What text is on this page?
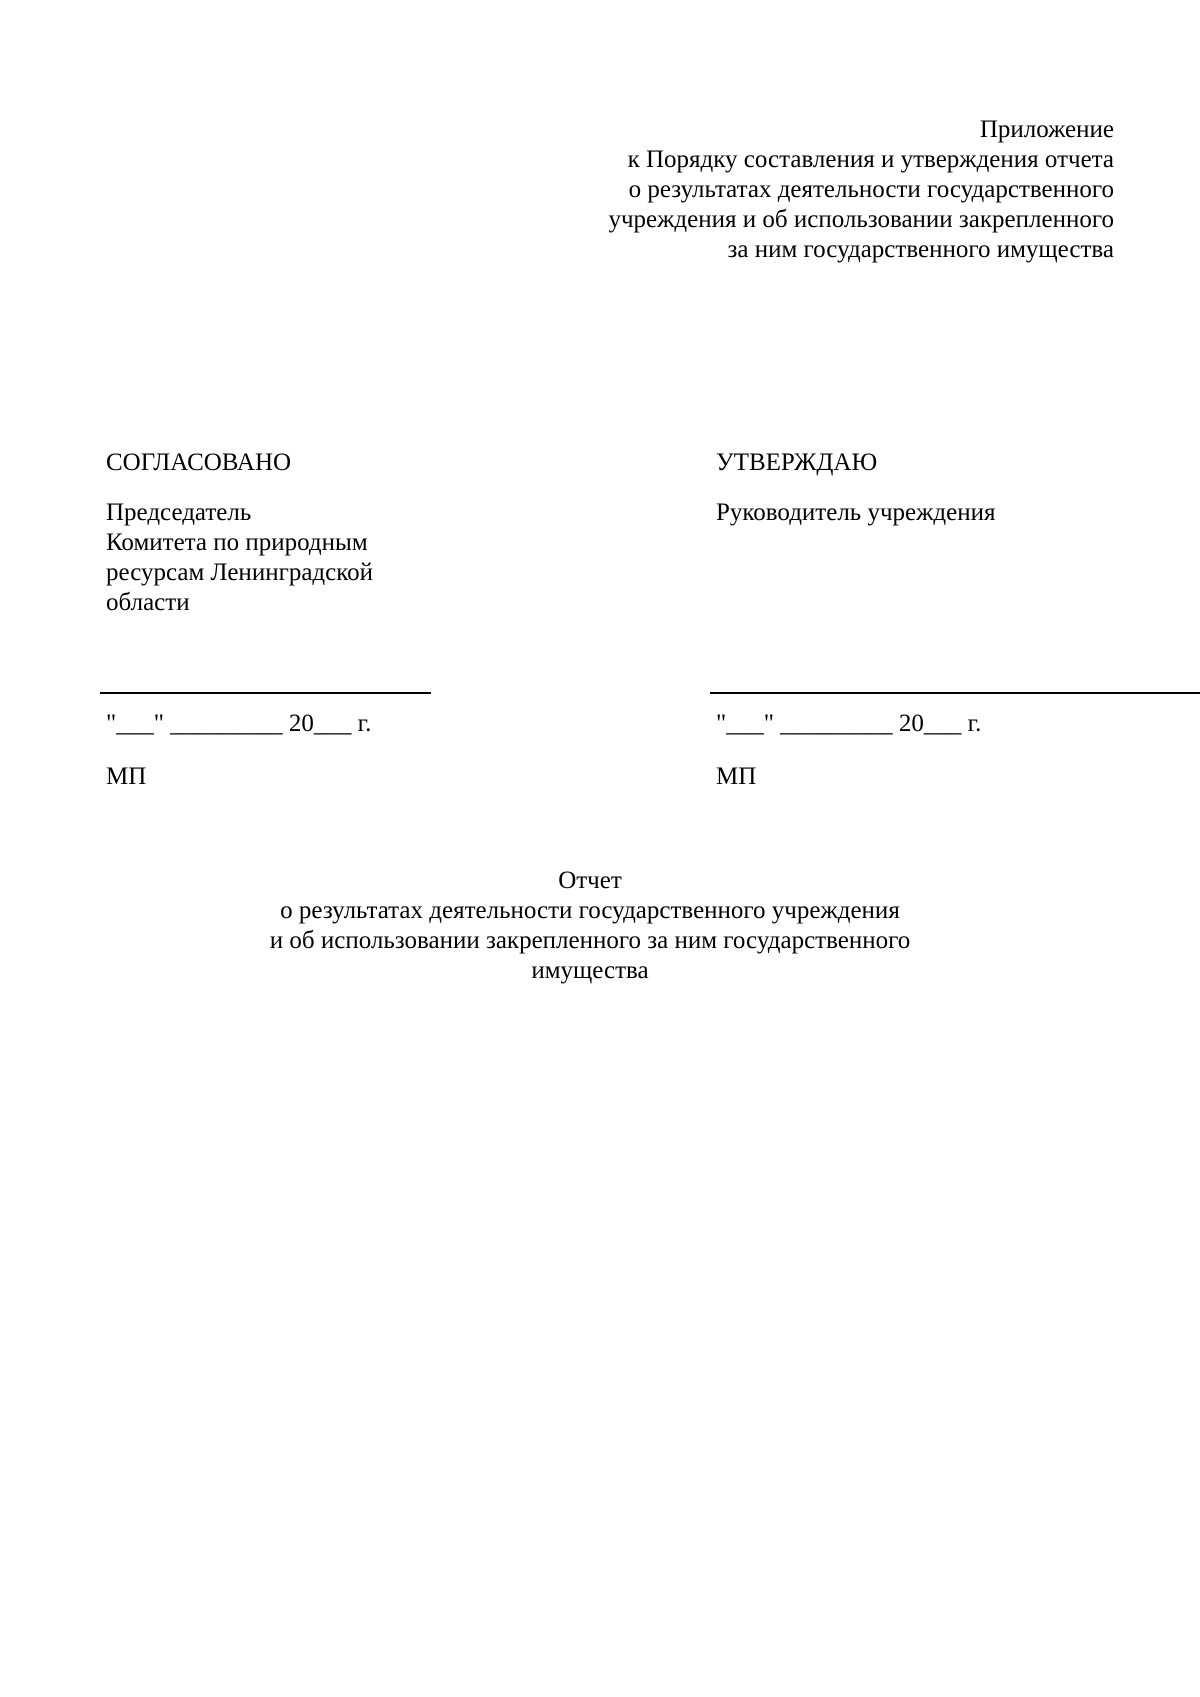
Приложение
к Порядку составления и утверждения отчета
о результатах деятельности государственного
учреждения и об использовании закрепленного
за ним государственного имущества
СОГЛАСОВАНО
Председатель
Комитета по природным
ресурсам Ленинградской
области
УТВЕРЖДАЮ
Руководитель учреждения
"___" _________ 20___ г.	"___" _________ 20___ г.
МП	МП
Отчет
о результатах деятельности государственного учреждения
и об использовании закрепленного за ним государственного
имущества
